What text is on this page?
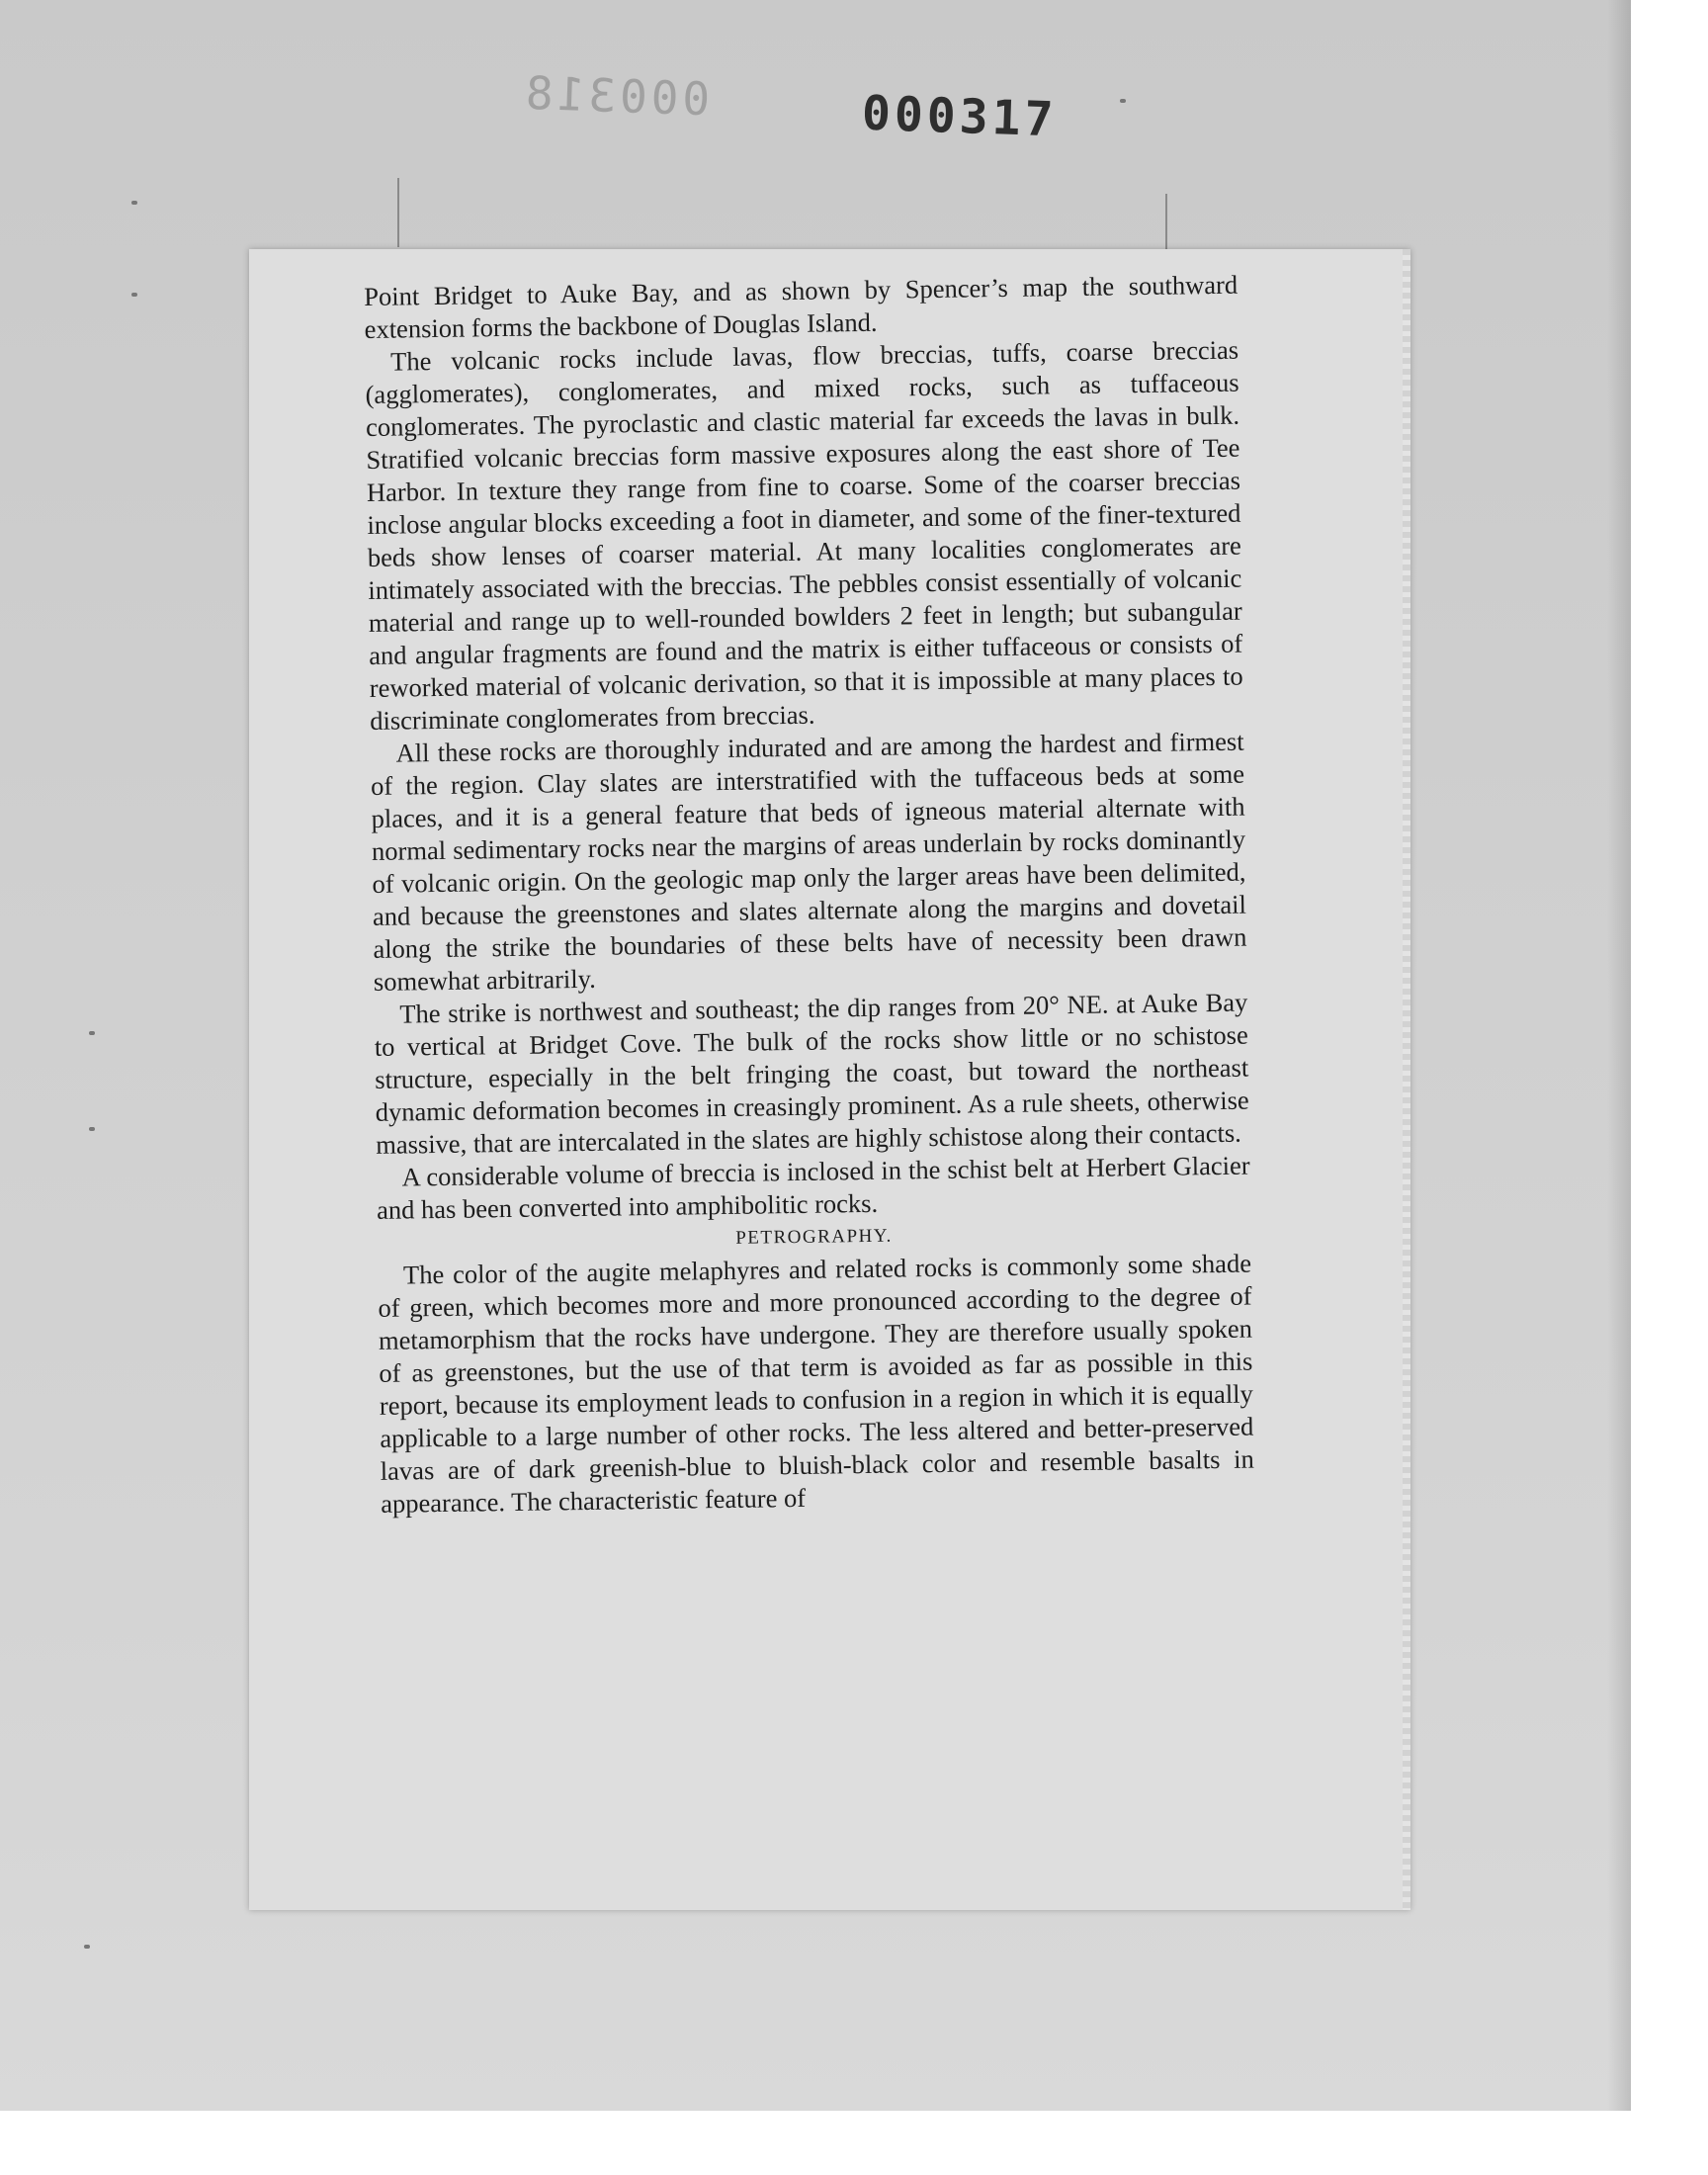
000318	000317

Point Bridget to Auke Bay, and as shown by Spencer’s map the southward extension forms the backbone of Douglas Island.

The volcanic rocks include lavas, flow breccias, tuffs, coarse breccias (agglomerates), conglomerates, and mixed rocks, such as tuffaceous conglomerates. The pyroclastic and clastic material far exceeds the lavas in bulk. Stratified volcanic breccias form massive exposures along the east shore of Tee Harbor. In texture they range from fine to coarse. Some of the coarser breccias inclose angular blocks exceeding a foot in diameter, and some of the finer-textured beds show lenses of coarser material. At many localities conglomerates are intimately associated with the breccias. The pebbles consist essentially of volcanic material and range up to well-rounded bowlders 2 feet in length; but subangular and angular fragments are found and the matrix is either tuffaceous or consists of reworked material of volcanic derivation, so that it is impossible at many places to discriminate conglomerates from breccias.

All these rocks are thoroughly indurated and are among the hardest and firmest of the region. Clay slates are interstratified with the tuffaceous beds at some places, and it is a general feature that beds of igneous material alternate with normal sedimentary rocks near the margins of areas underlain by rocks dominantly of volcanic origin. On the geologic map only the larger areas have been delimited, and because the greenstones and slates alternate along the margins and dovetail along the strike the boundaries of these belts have of necessity been drawn somewhat arbitrarily.

The strike is northwest and southeast; the dip ranges from 20° NE. at Auke Bay to vertical at Bridget Cove. The bulk of the rocks show little or no schistose structure, especially in the belt fringing the coast, but toward the northeast dynamic deformation becomes in creasingly prominent. As a rule sheets, otherwise massive, that are intercalated in the slates are highly schistose along their contacts.

A considerable volume of breccia is inclosed in the schist belt at Herbert Glacier and has been converted into amphibolitic rocks.

PETROGRAPHY.

The color of the augite melaphyres and related rocks is commonly some shade of green, which becomes more and more pronounced according to the degree of metamorphism that the rocks have undergone. They are therefore usually spoken of as greenstones, but the use of that term is avoided as far as possible in this report, because its employment leads to confusion in a region in which it is equally applicable to a large number of other rocks. The less altered and better-preserved lavas are of dark greenish-blue to bluish-black color and resemble basalts in appearance. The characteristic feature of
